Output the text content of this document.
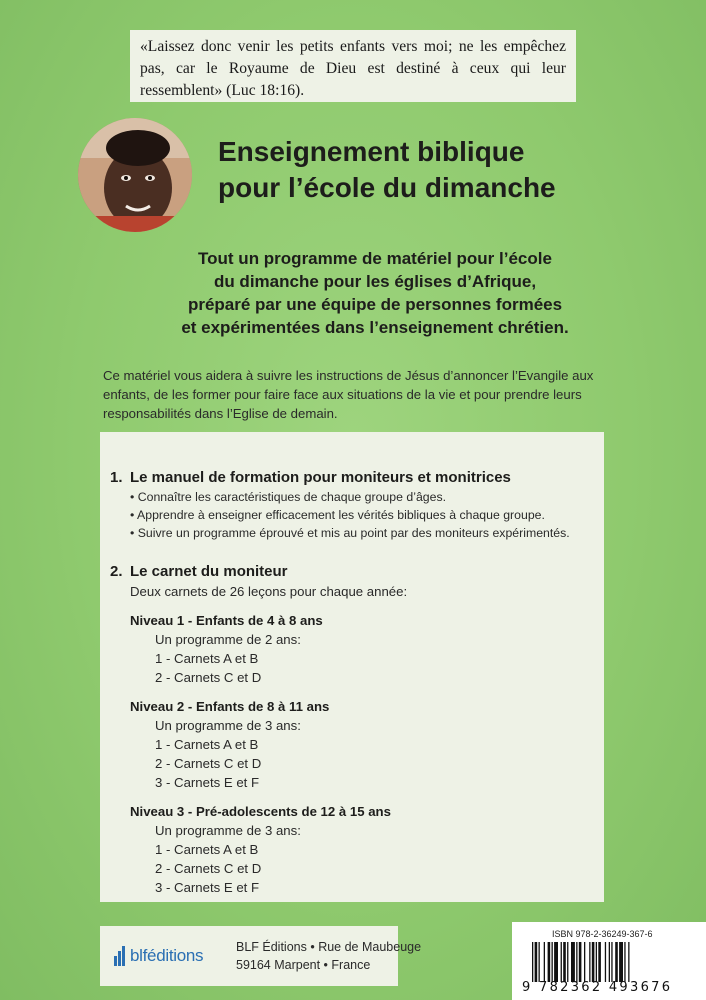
«Laissez donc venir les petits enfants vers moi; ne les empêchez pas, car le Royaume de Dieu est destiné à ceux qui leur ressemblent» (Luc 18:16).
Enseignement biblique
pour l’école du dimanche
Tout un programme de matériel pour l’école
du dimanche pour les églises d’Afrique,
préparé par une équipe de personnes formées
et expérimentées dans l’enseignement chrétien.
Ce matériel vous aidera à suivre les instructions de Jésus d’annoncer l’Evangile aux enfants, de les former pour faire face aux situations de la vie et pour prendre leurs responsabilités dans l’Eglise de demain.
1. Le manuel de formation pour moniteurs et monitrices
• Connaître les caractéristiques de chaque groupe d’âges.
• Apprendre à enseigner efficacement les vérités bibliques à chaque groupe.
• Suivre un programme éprouvé et mis au point par des moniteurs expérimentés.
2. Le carnet du moniteur
Deux carnets de 26 leçons pour chaque année:
Niveau 1 - Enfants de 4 à 8 ans
Un programme de 2 ans:
1 - Carnets A et B
2 - Carnets C et D
Niveau 2 - Enfants de 8 à 11 ans
Un programme de 3 ans:
1 - Carnets A et B
2 - Carnets C et D
3 - Carnets E et F
Niveau 3 - Pré-adolescents de 12 à 15 ans
Un programme de 3 ans:
1 - Carnets A et B
2 - Carnets C et D
3 - Carnets E et F
blféditions	BLF Éditions • Rue de Maubeuge
59164 Marpent • France
ISBN 978-2-36249-367-6
9 782362 493676
